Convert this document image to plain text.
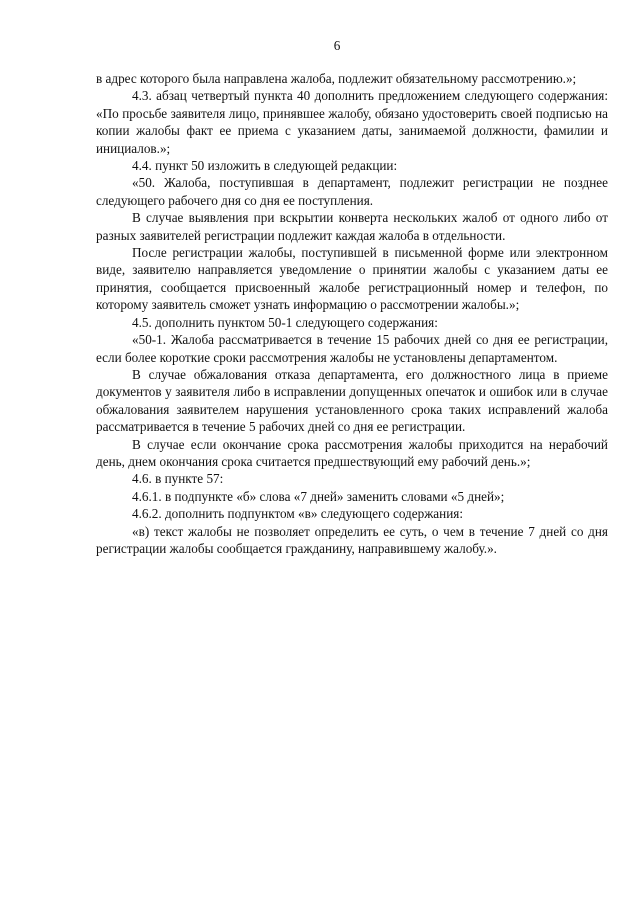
6

в адрес которого была направлена жалоба, подлежит обязательному рассмотрению.»;

4.3. абзац четвертый пункта 40 дополнить предложением следующего содержания: «По просьбе заявителя лицо, принявшее жалобу, обязано удостоверить своей подписью на копии жалобы факт ее приема с указанием даты, занимаемой должности, фамилии и инициалов.»;

4.4. пункт 50 изложить в следующей редакции:

«50. Жалоба, поступившая в департамент, подлежит регистрации не позднее следующего рабочего дня со дня ее поступления.

В случае выявления при вскрытии конверта нескольких жалоб от одного либо от разных заявителей регистрации подлежит каждая жалоба в отдельности.

После регистрации жалобы, поступившей в письменной форме или электронном виде, заявителю направляется уведомление о принятии жалобы с указанием даты ее принятия, сообщается присвоенный жалобе регистрационный номер и телефон, по которому заявитель сможет узнать информацию о рассмотрении жалобы.»;

4.5. дополнить пунктом 50-1 следующего содержания:

«50-1. Жалоба рассматривается в течение 15 рабочих дней со дня ее регистрации, если более короткие сроки рассмотрения жалобы не установлены департаментом.

В случае обжалования отказа департамента, его должностного лица в приеме документов у заявителя либо в исправлении допущенных опечаток и ошибок или в случае обжалования заявителем нарушения установленного срока таких исправлений жалоба рассматривается в течение 5 рабочих дней со дня ее регистрации.

В случае если окончание срока рассмотрения жалобы приходится на нерабочий день, днем окончания срока считается предшествующий ему рабочий день.»;

4.6. в пункте 57:

4.6.1. в подпункте «б» слова «7 дней» заменить словами «5 дней»;

4.6.2. дополнить подпунктом «в» следующего содержания:

«в) текст жалобы не позволяет определить ее суть, о чем в течение 7 дней со дня регистрации жалобы сообщается гражданину, направившему жалобу.».
